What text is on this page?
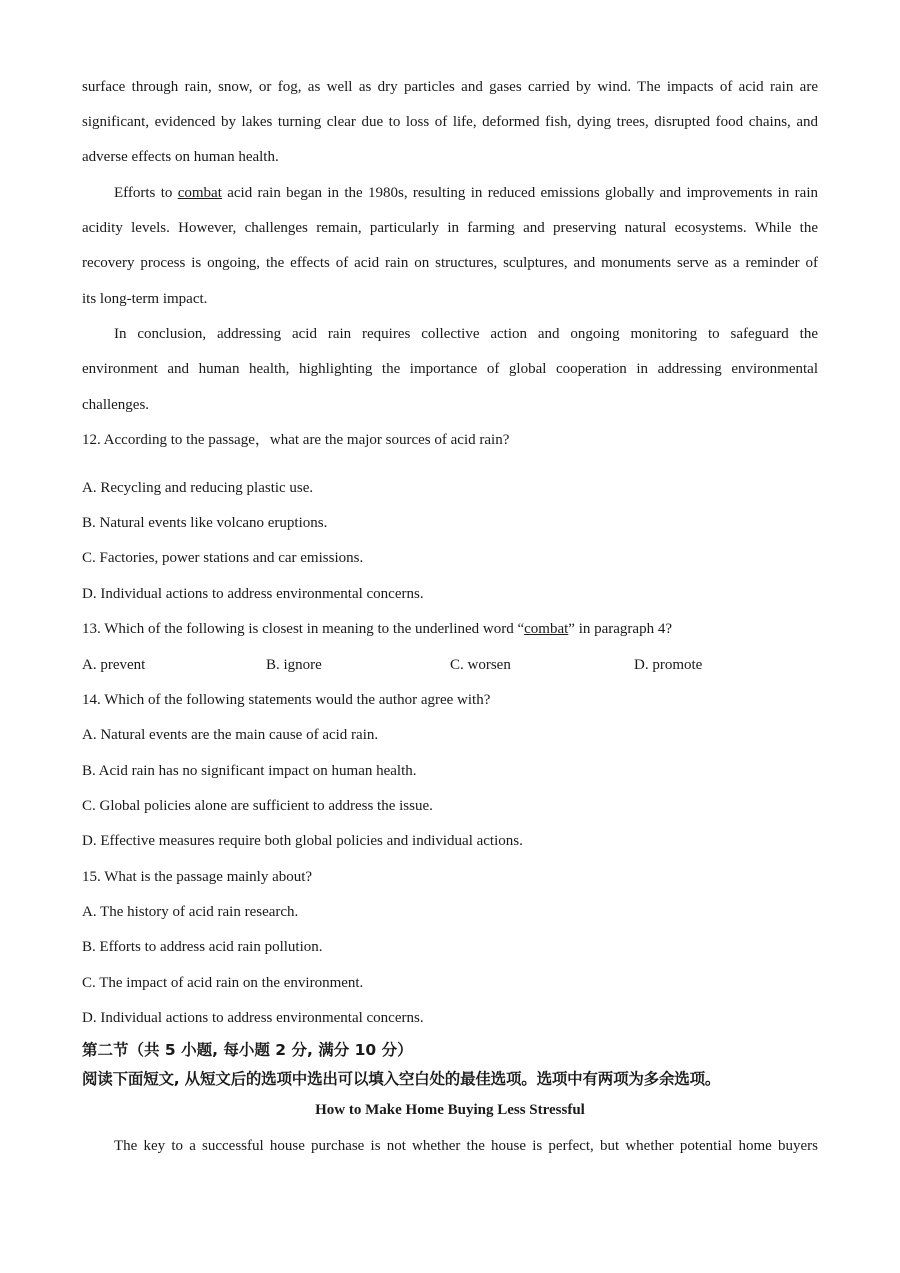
surface through rain, snow, or fog, as well as dry particles and gases carried by wind. The impacts of acid rain are
significant, evidenced by lakes turning clear due to loss of life, deformed fish, dying trees, disrupted food chains, and
adverse effects on human health.
Efforts to combat acid rain began in the 1980s, resulting in reduced emissions globally and improvements in rain
acidity levels. However, challenges remain, particularly in farming and preserving natural ecosystems. While the
recovery process is ongoing, the effects of acid rain on structures, sculptures, and monuments serve as a reminder of
its long-term impact.
In conclusion, addressing acid rain requires collective action and ongoing monitoring to safeguard the
environment and human health, highlighting the importance of global cooperation in addressing environmental
challenges.
12. According to the passage，what are the major sources of acid rain?
A. Recycling and reducing plastic use.
B. Natural events like volcano eruptions.
C. Factories, power stations and car emissions.
D. Individual actions to address environmental concerns.
13. Which of the following is closest in meaning to the underlined word “combat” in paragraph 4?
A. prevent	B. ignore	C. worsen	D. promote
14. Which of the following statements would the author agree with?
A. Natural events are the main cause of acid rain.
B. Acid rain has no significant impact on human health.
C. Global policies alone are sufficient to address the issue.
D. Effective measures require both global policies and individual actions.
15. What is the passage mainly about?
A. The history of acid rain research.
B. Efforts to address acid rain pollution.
C. The impact of acid rain on the environment.
D. Individual actions to address environmental concerns.
第二节（共 5 小题, 每小题 2 分, 满分 10 分）
阅读下面短文, 从短文后的选项中选出可以填入空白处的最佳选项。选项中有两项为多余选项。
How to Make Home Buying Less Stressful
The key to a successful house purchase is not whether the house is perfect, but whether potential home buyers
